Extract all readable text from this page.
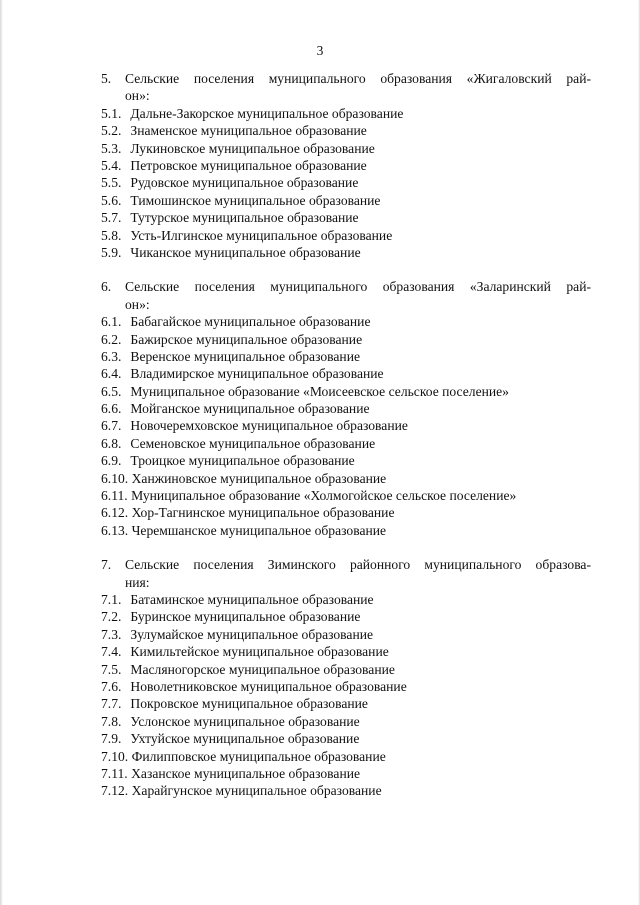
3
5. Сельские поселения муниципального образования «Жигаловский рай-
он»:
5.1. Дальне-Закорское муниципальное образование
5.2. Знаменское муниципальное образование
5.3. Лукиновское муниципальное образование
5.4. Петровское муниципальное образование
5.5. Рудовское муниципальное образование
5.6. Тимошинское муниципальное образование
5.7. Тутурское муниципальное образование
5.8. Усть-Илгинское муниципальное образование
5.9. Чиканское муниципальное образование
6. Сельские поселения муниципального образования «Заларинский рай-
он»:
6.1. Бабагайское муниципальное образование
6.2. Бажирское муниципальное образование
6.3. Веренское муниципальное образование
6.4. Владимирское муниципальное образование
6.5. Муниципальное образование «Моисеевское сельское поселение»
6.6. Мойганское муниципальное образование
6.7. Новочеремховское муниципальное образование
6.8. Семеновское муниципальное образование
6.9. Троицкое муниципальное образование
6.10. Ханжиновское муниципальное образование
6.11. Муниципальное образование «Холмогойское сельское поселение»
6.12. Хор-Тагнинское муниципальное образование
6.13. Черемшанское муниципальное образование
7. Сельские поселения Зиминского районного муниципального образова-
ния:
7.1. Батаминское муниципальное образование
7.2. Буринское муниципальное образование
7.3. Зулумайское муниципальное образование
7.4. Кимильтейское муниципальное образование
7.5. Масляногорское муниципальное образование
7.6. Новолетниковское муниципальное образование
7.7. Покровское муниципальное образование
7.8. Услонское муниципальное образование
7.9. Ухтуйское муниципальное образование
7.10. Филипповское муниципальное образование
7.11. Хазанское муниципальное образование
7.12. Харайгунское муниципальное образование
